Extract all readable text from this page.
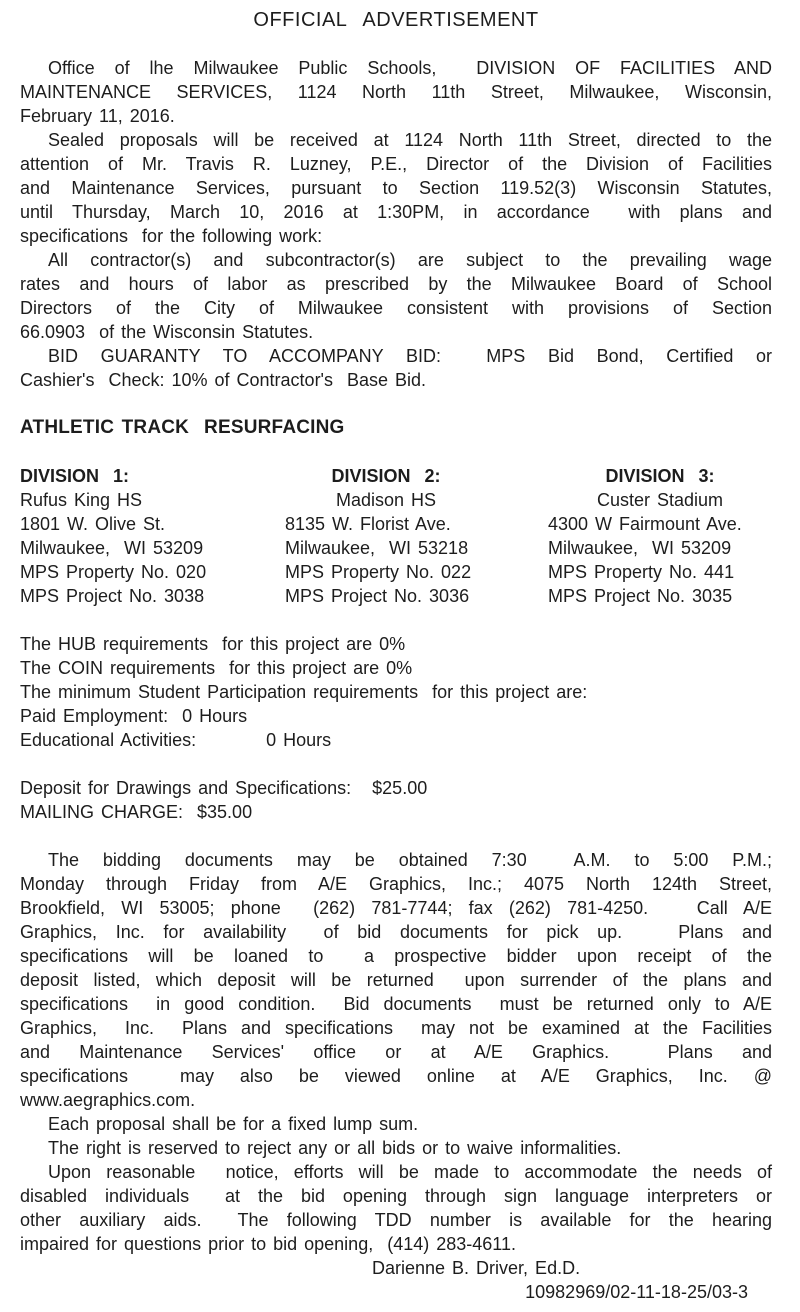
OFFICIAL  ADVERTISEMENT
Office of lhe Milwaukee Public Schools,  DIVISION OF FACILITIES AND
MAINTENANCE SERVICES, 1124 North 11th Street, Milwaukee, Wisconsin,
February 11, 2016.
Sealed proposals will be received at 1124 North 11th Street, directed to the
attention of Mr. Travis R. Luzney, P.E., Director of the Division of Facilities
and Maintenance Services, pursuant to Section 119.52(3) Wisconsin Statutes,
until Thursday, March 10, 2016 at 1:30PM, in accordance  with plans and
specifications  for the following work:
All contractor(s) and subcontractor(s) are subject to the prevailing wage
rates and hours of labor as prescribed by the Milwaukee Board of School
Directors of the City of Milwaukee consistent with provisions of Section
66.0903  of the Wisconsin Statutes.
BID GUARANTY TO ACCOMPANY BID:  MPS Bid Bond, Certified or
Cashier's  Check: 10% of Contractor's  Base Bid.
ATHLETIC TRACK  RESURFACING
DIVISION  1:
Rufus King HS
1801 W. Olive St.
Milwaukee,  WI 53209
MPS Property No. 020
MPS Project No. 3038
DIVISION  2:
Madison HS
8135 W. Florist Ave.
Milwaukee,  WI 53218
MPS Property No. 022
MPS Project No. 3036
DIVISION  3:
Custer Stadium
4300 W Fairmount Ave.
Milwaukee,  WI 53209
MPS Property No. 441
MPS Project No. 3035
The HUB requirements  for this project are 0%
The COIN requirements  for this project are 0%
The minimum Student Participation requirements  for this project are:
Paid Employment:  0 Hours
Educational Activities:          0 Hours
Deposit for Drawings and Specifications:   $25.00
MAILING CHARGE:  $35.00
The bidding documents may be obtained 7:30  A.M. to 5:00 P.M.;
Monday through Friday from A/E Graphics, Inc.; 4075 North 124th Street,
Brookfield, WI 53005; phone  (262) 781-7744; fax (262) 781-4250.   Call A/E
Graphics, Inc. for availability  of bid documents for pick up.   Plans and
specifications will be loaned to  a prospective bidder upon receipt of the
deposit listed, which deposit will be returned  upon surrender of the plans and
specifications  in good condition.  Bid documents  must be returned only to A/E
Graphics,  Inc.  Plans and specifications  may not be examined at the Facilities
and Maintenance Services' office or at A/E Graphics.  Plans and
specifications  may also be viewed online at A/E Graphics, Inc. @
www.aegraphics.com.
Each proposal shall be for a fixed lump sum.
The right is reserved to reject any or all bids or to waive informalities.
Upon reasonable  notice, efforts will be made to accommodate the needs of
disabled individuals  at the bid opening through sign language interpreters or
other auxiliary aids.  The following TDD number is available for the hearing
impaired for questions prior to bid opening,  (414) 283-4611.
Darienne B. Driver, Ed.D.
10982969/02-11-18-25/03-3
